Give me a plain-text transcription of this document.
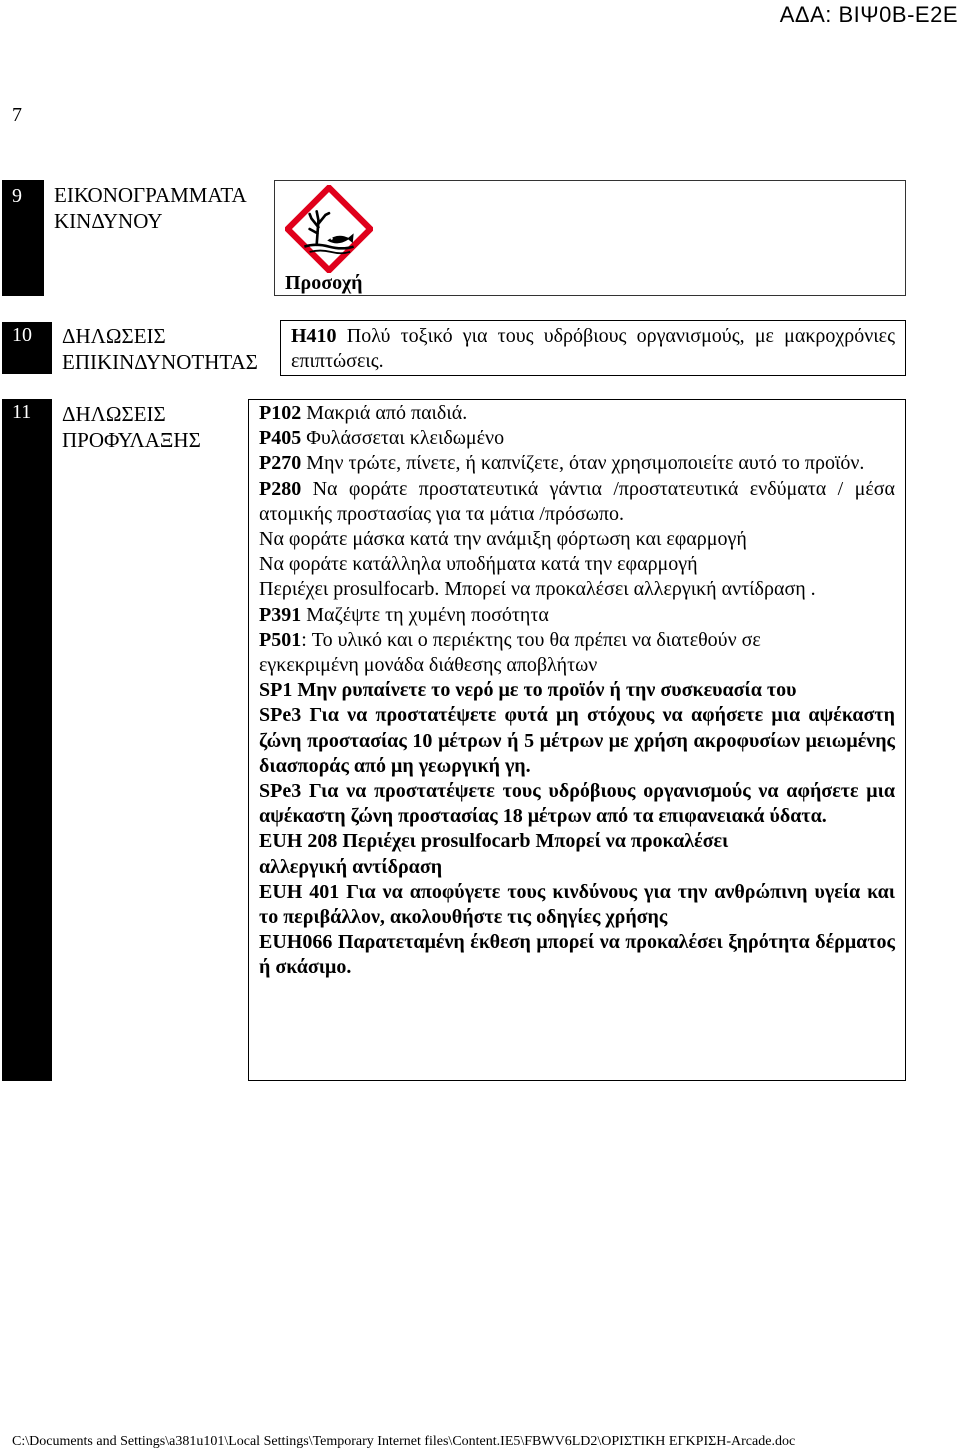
ΑΔΑ: ΒΙΨ0Β-Ε2Ε
7
9	ΕΙΚΟΝΟΓΡΑΜΜΑΤΑ ΚΙΝΔΥΝΟΥ
Προσοχή
10	ΔΗΛΩΣΕΙΣ ΕΠΙΚΙΝΔΥΝΟΤΗΤΑΣ

H410 Πολύ τοξικό για τους υδρόβιους οργανισμούς, με μακροχρόνιες επιπτώσεις.

11	ΔΗΛΩΣΕΙΣ ΠΡΟΦΥΛΑΞΗΣ

P102 Μακριά από παιδιά.

P405 Φυλάσσεται κλειδωμένο

P270 Μην τρώτε, πίνετε, ή καπνίζετε, όταν χρησιμοποιείτε αυτό το προϊόν.

P280 Να φοράτε προστατευτικά γάντια /προστατευτικά ενδύματα / μέσα ατομικής προστασίας για τα μάτια /πρόσωπο.

Να φοράτε μάσκα κατά την ανάμιξη φόρτωση και εφαρμογή

Να φοράτε κατάλληλα υποδήματα κατά την εφαρμογή

Περιέχει prosulfocarb. Μπορεί να προκαλέσει αλλεργική αντίδραση .

P391 Μαζέψτε τη χυμένη ποσότητα

P501: Το υλικό και ο περιέκτης του θα πρέπει να διατεθούν σε εγκεκριμένη μονάδα διάθεσης αποβλήτων

SP1 Μην ρυπαίνετε το νερό με το προϊόν ή την συσκευασία του

SPe3 Για να προστατέψετε φυτά μη στόχους να αφήσετε μια αψέκαστη ζώνη προστασίας 10 μέτρων ή 5 μέτρων με χρήση ακροφυσίων μειωμένης διασποράς από μη γεωργική γη.

SPe3 Για να προστατέψετε τους υδρόβιους οργανισμούς να αφήσετε μια αψέκαστη ζώνη προστασίας 18 μέτρων από τα επιφανειακά ύδατα.

EUH 208 Περιέχει prosulfocarb Μπορεί να προκαλέσει αλλεργική αντίδραση

EUH 401 Για να αποφύγετε τους κινδύνους για την ανθρώπινη υγεία και το περιβάλλον, ακολουθήστε τις οδηγίες χρήσης

EUH066 Παρατεταμένη έκθεση μπορεί να προκαλέσει ξηρότητα δέρματος ή σκάσιμο.

C:\Documents and Settings\a381u101\Local Settings\Temporary Internet files\Content.IE5\FBWV6LD2\ΟΡΙΣΤΙΚΗ ΕΓΚΡΙΣΗ-Arcade.doc
